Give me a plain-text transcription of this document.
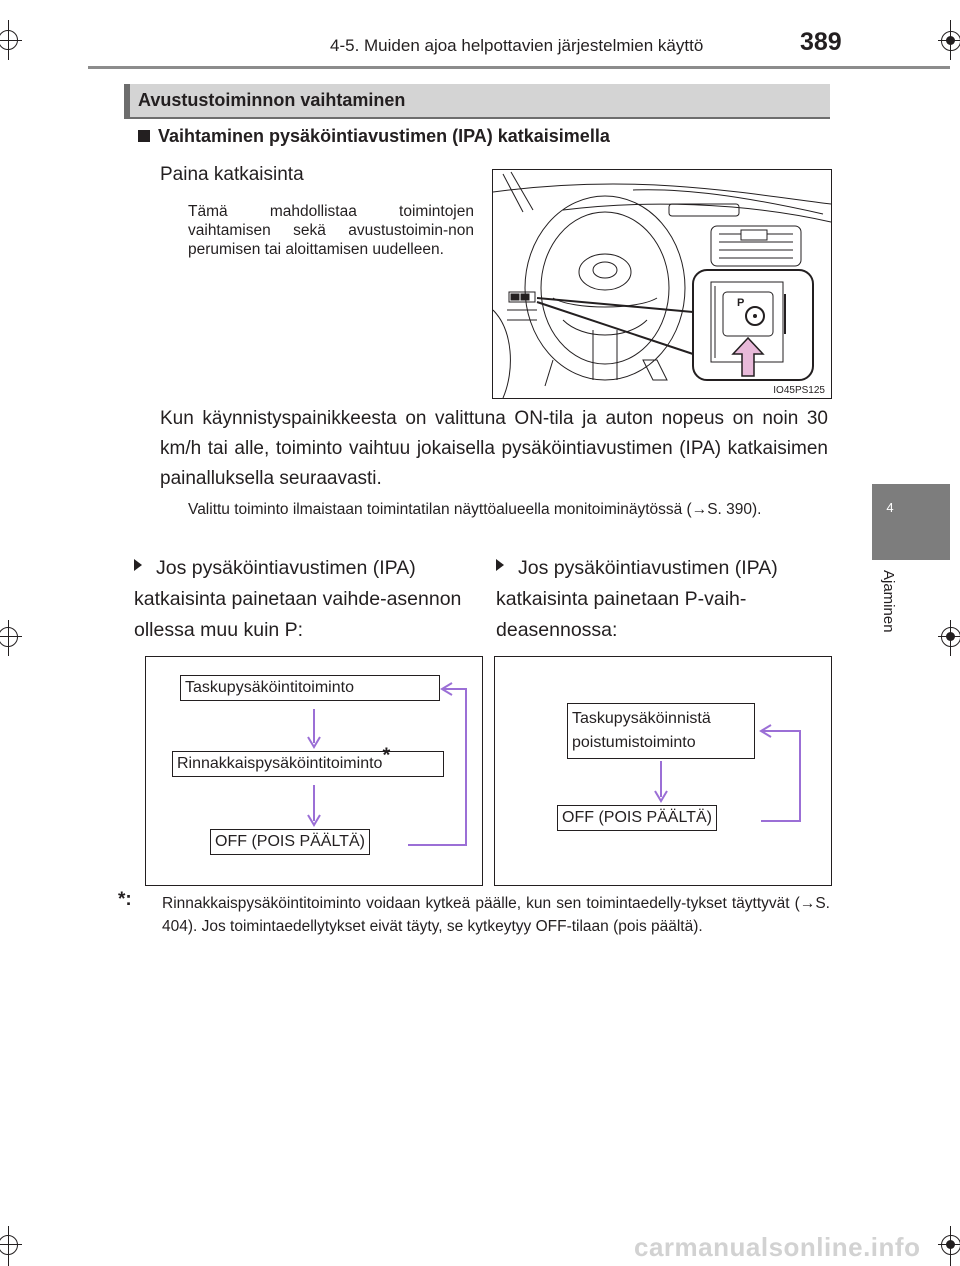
4-5. Muiden ajoa helpottavien järjestelmien käyttö	389
4
Ajaminen
Avustustoiminnon vaihtaminen
Vaihtaminen pysäköintiavustimen (IPA) katkaisimella
Paina katkaisinta
Tämä mahdollistaa toimintojen vaihtamisen sekä avustustoimin-non perumisen tai aloittamisen uudelleen.
P
IO45PS125
Kun käynnistyspainikkeesta on valittuna ON-tila ja auton nopeus on noin 30 km/h tai alle, toiminto vaihtuu jokaisella pysäköintiavustimen (IPA) katkaisimen painalluksella seuraavasti.
Valittu toiminto ilmaistaan toimintatilan näyttöalueella monitoiminäytössä (→S. 390).
Jos pysäköintiavustimen (IPA) katkaisinta painetaan vaihde-asennon ollessa muu kuin P:
Jos pysäköintiavustimen (IPA) katkaisinta painetaan P-vaih-deasennossa:
Taskupysäköintitoiminto
Rinnakkaispysäköintitoiminto*
OFF (POIS PÄÄLTÄ)
Taskupysäköinnistä
poistumistoiminto
OFF (POIS PÄÄLTÄ)
*: Rinnakkaispysäköintitoiminto voidaan kytkeä päälle, kun sen toimintaedelly-tykset täyttyvät (→S. 404). Jos toimintaedellytykset eivät täyty, se kytkeytyy OFF-tilaan (pois päältä).
carmanualsonline.info
